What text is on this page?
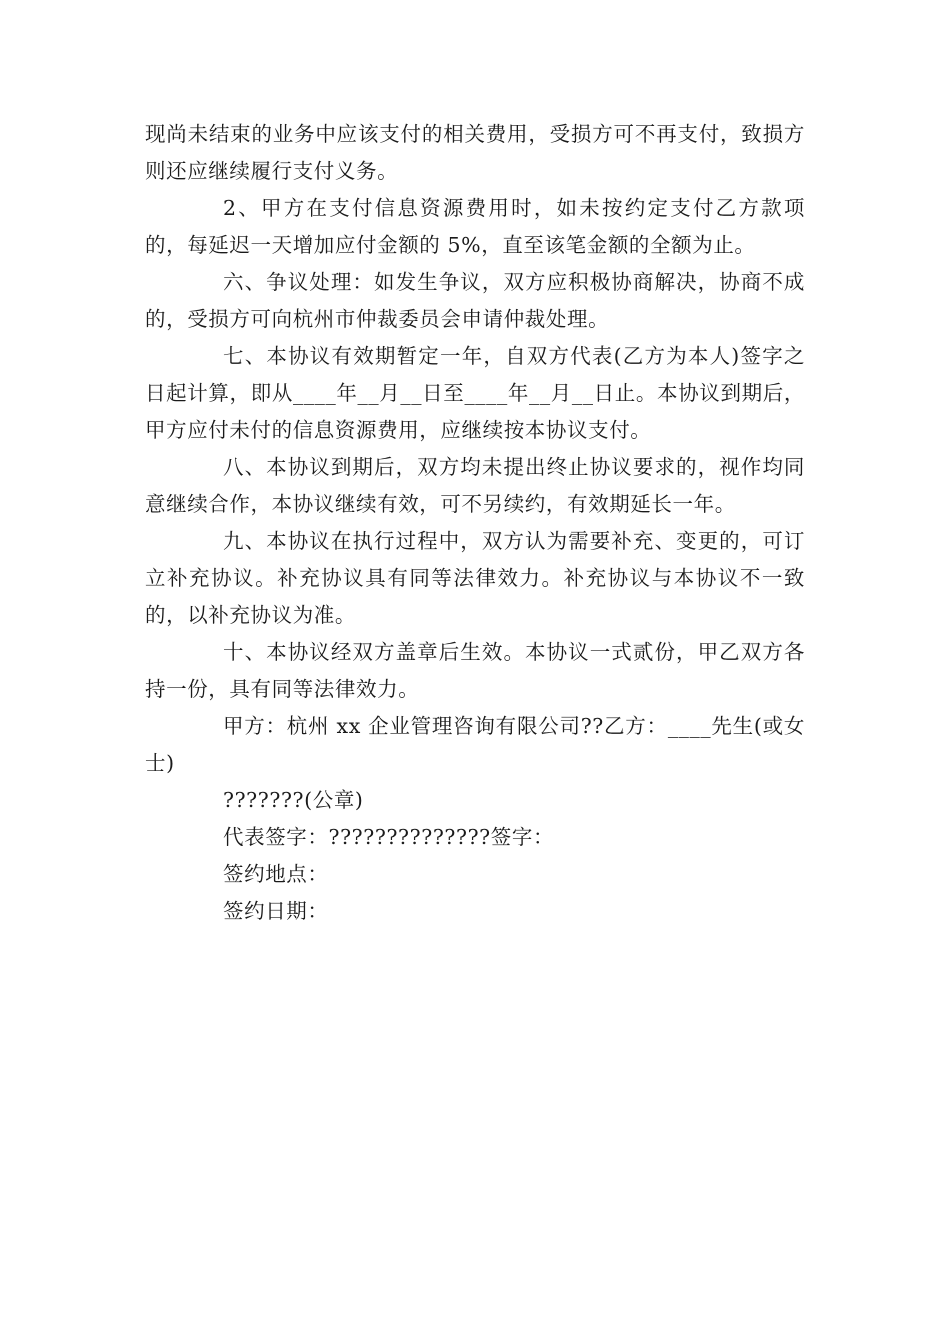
现尚未结束的业务中应该支付的相关费用，受损方可不再支付，致损方则还应继续履行支付义务。

2、甲方在支付信息资源费用时，如未按约定支付乙方款项的，每延迟一天增加应付金额的 5%，直至该笔金额的全额为止。

六、争议处理：如发生争议，双方应积极协商解决，协商不成的，受损方可向杭州市仲裁委员会申请仲裁处理。

七、本协议有效期暂定一年，自双方代表(乙方为本人)签字之日起计算，即从____年__月__日至____年__月__日止。本协议到期后，甲方应付未付的信息资源费用，应继续按本协议支付。

八、本协议到期后，双方均未提出终止协议要求的，视作均同意继续合作，本协议继续有效，可不另续约，有效期延长一年。

九、本协议在执行过程中，双方认为需要补充、变更的，可订立补充协议。补充协议具有同等法律效力。补充协议与本协议不一致的，以补充协议为准。

十、本协议经双方盖章后生效。本协议一式贰份，甲乙双方各持一份，具有同等法律效力。

甲方：杭州 xx 企业管理咨询有限公司??乙方：____先生(或女士)

???????(公章)

代表签字：??????????????签字：

签约地点：

签约日期：
